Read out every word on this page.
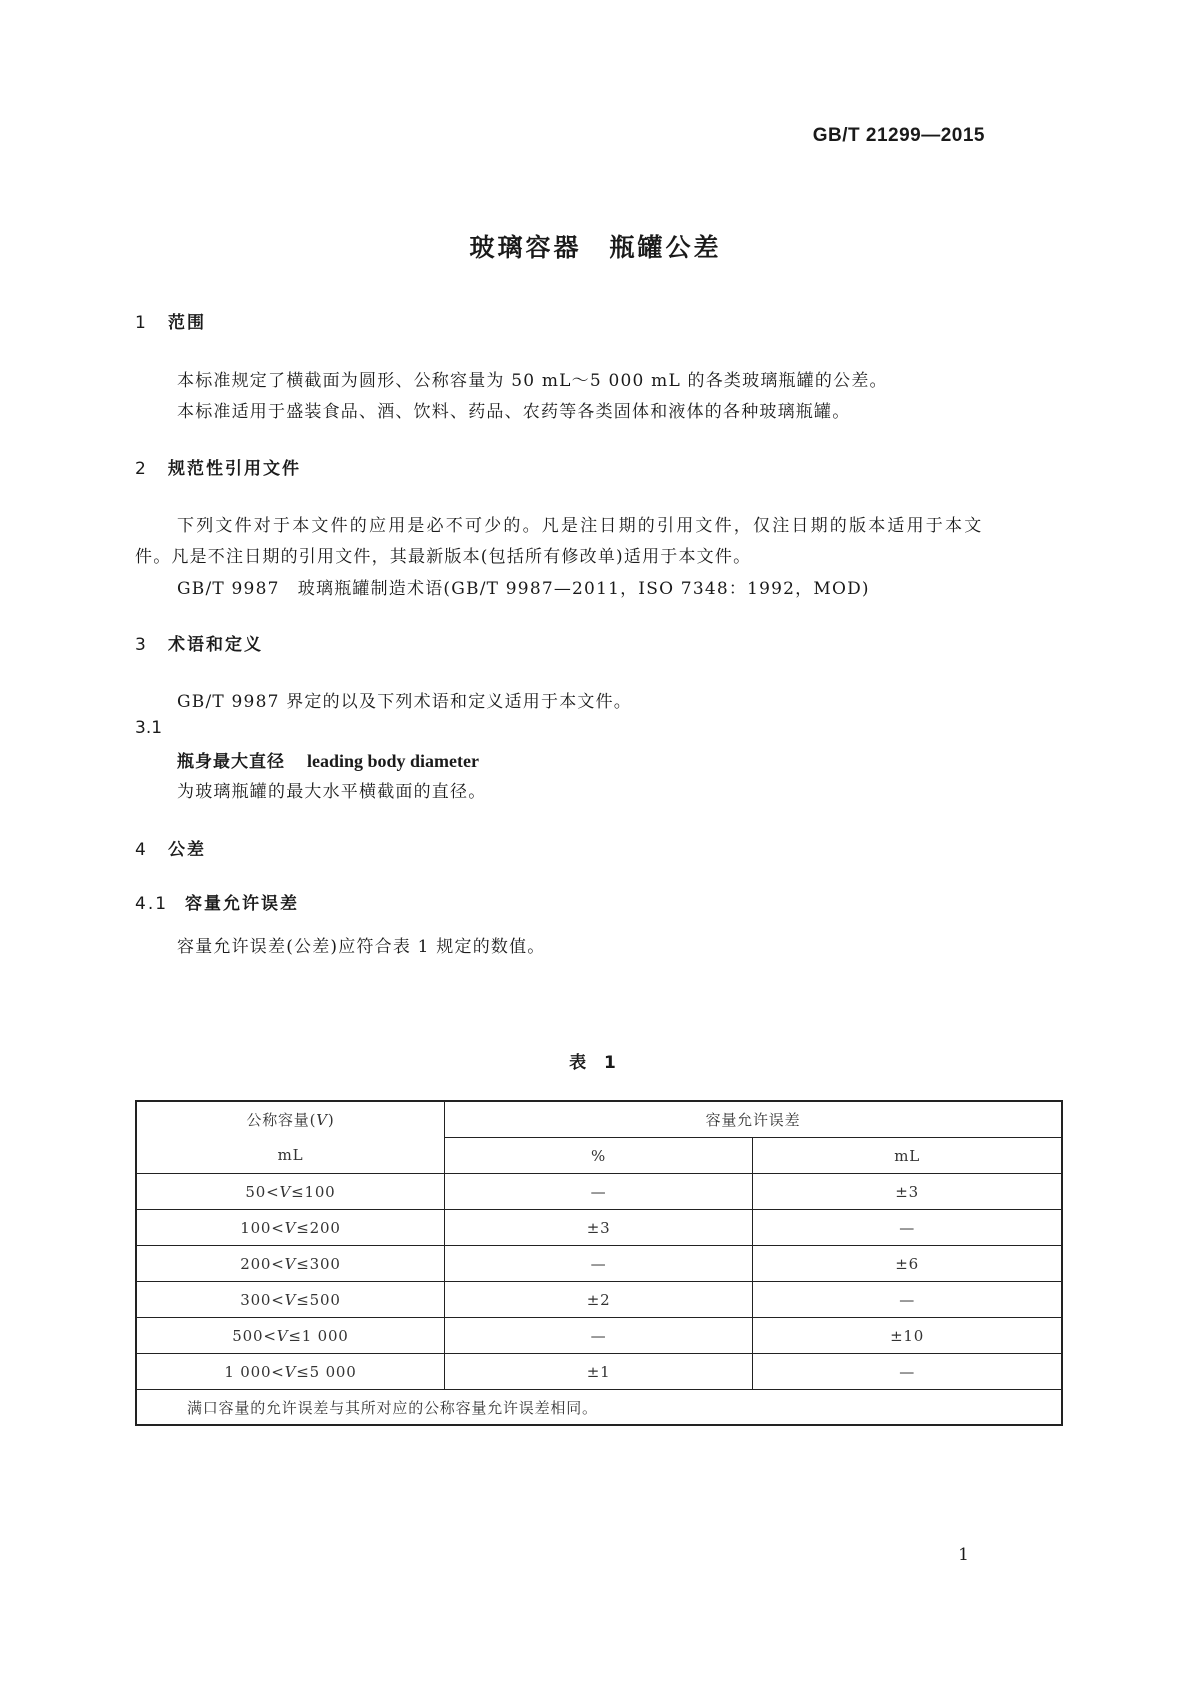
GB/T 21299—2015
玻璃容器　瓶罐公差
1 范围
本标准规定了横截面为圆形、公称容量为 50 mL～5 000 mL 的各类玻璃瓶罐的公差。
本标准适用于盛装食品、酒、饮料、药品、农药等各类固体和液体的各种玻璃瓶罐。
2 规范性引用文件
下列文件对于本文件的应用是必不可少的。凡是注日期的引用文件，仅注日期的版本适用于本文
件。凡是不注日期的引用文件，其最新版本(包括所有修改单)适用于本文件。
GB/T 9987　玻璃瓶罐制造术语(GB/T 9987—2011，ISO 7348：1992，MOD)
3 术语和定义
GB/T 9987 界定的以及下列术语和定义适用于本文件。
3.1
瓶身最大直径 leading body diameter
为玻璃瓶罐的最大水平横截面的直径。
4 公差
4.1 容量允许误差
容量允许误差(公差)应符合表 1 规定的数值。
表 1
公称容量(V)	容量允许误差	
mL	%	mL
50<V≤100	—	±3
100<V≤200	±3	—
200<V≤300	—	±6
300<V≤500	±2	—
500<V≤1 000	—	±10
1 000<V≤5 000	±1	—
满口容量的允许误差与其所对应的公称容量允许误差相同。		
1
